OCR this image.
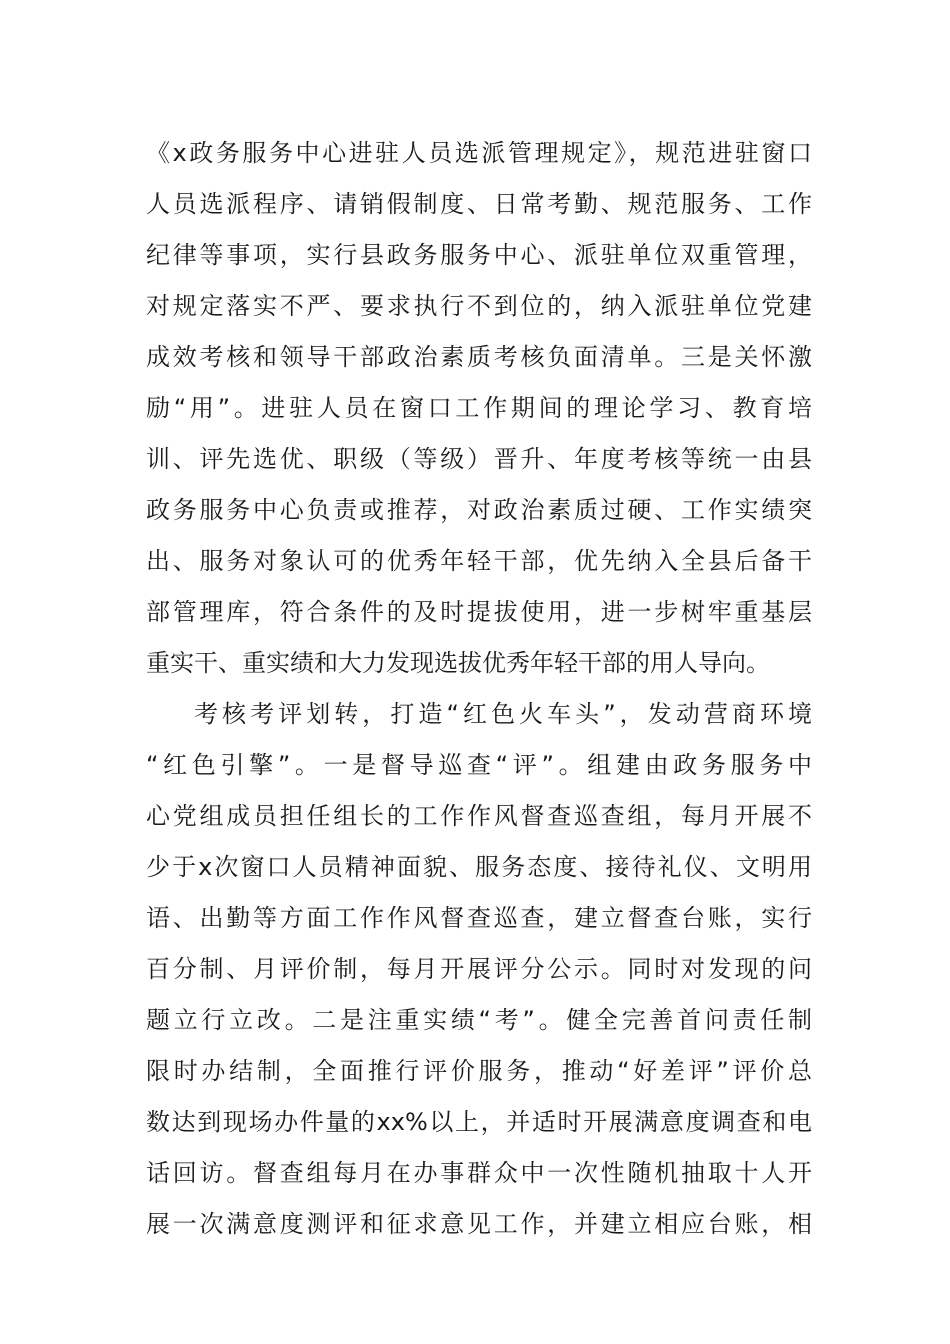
《x政务服务中心进驻人员选派管理规定》，规范进驻窗口
人员选派程序、请销假制度、日常考勤、规范服务、工作
纪律等事项，实行县政务服务中心、派驻单位双重管理，
对规定落实不严、要求执行不到位的，纳入派驻单位党建
成效考核和领导干部政治素质考核负面清单。三是关怀激
励“用”。进驻人员在窗口工作期间的理论学习、教育培
训、评先选优、职级（等级）晋升、年度考核等统一由县
政务服务中心负责或推荐，对政治素质过硬、工作实绩突
出、服务对象认可的优秀年轻干部，优先纳入全县后备干
部管理库，符合条件的及时提拔使用，进一步树牢重基层
重实干、重实绩和大力发现选拔优秀年轻干部的用人导向。
考核考评划转，打造“红色火车头”，发动营商环境
“红色引擎”。一是督导巡查“评”。组建由政务服务中
心党组成员担任组长的工作作风督查巡查组，每月开展不
少于x次窗口人员精神面貌、服务态度、接待礼仪、文明用
语、出勤等方面工作作风督查巡查，建立督查台账，实行
百分制、月评价制，每月开展评分公示。同时对发现的问
题立行立改。二是注重实绩“考”。健全完善首问责任制
限时办结制，全面推行评价服务，推动“好差评”评价总
数达到现场办件量的xx%以上，并适时开展满意度调查和电
话回访。督查组每月在办事群众中一次性随机抽取十人开
展一次满意度测评和征求意见工作，并建立相应台账，相
